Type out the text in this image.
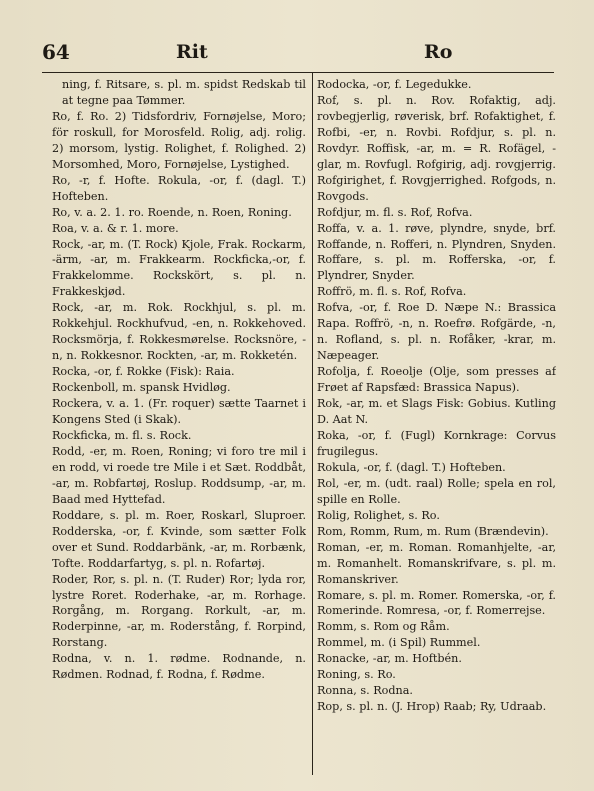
64	Rit	Ro

ning, f. Ritsare, s. pl. m. spidst Redskab til at tegne paa Tømmer.

Ro, f. Ro. 2) Tidsfordriv, Fornøjelse, Moro; för roskull, for Morosfeld. Rolig, adj. rolig. 2) morsom, lystig. Rolighet, f. Rolighed. 2) Morsomhed, Moro, Fornøjelse, Lystighed.

Ro, -r, f. Hofte. Rokula, -or, f. (dagl. T.) Hofteben.

Ro, v. a. 2. 1. ro. Roende, n. Roen, Roning.

Roa, v. a. & r. 1. more.

Rock, -ar, m. (T. Rock) Kjole, Frak. Rockarm, -ärm, -ar, m. Frakkearm. Rockficka,-or, f. Frakkelomme. Rockskört, s. pl. n. Frakkeskjød.

Rock, -ar, m. Rok. Rockhjul, s. pl. m. Rokkehjul. Rockhufvud, -en, n. Rokkehoved. Rocksmörja, f. Rokkesmørelse. Rocksnöre, -n, n. Rokkesnor. Rockten, -ar, m. Rokketén.

Rocka, -or, f. Rokke (Fisk): Raia.

Rockenboll, m. spansk Hvidløg.

Rockera, v. a. 1. (Fr. roquer) sætte Taarnet i Kongens Sted (i Skak).

Rockficka, m. fl. s. Rock.

Rodd, -er, m. Roen, Roning; vi foro tre mil i en rodd, vi roede tre Mile i et Sæt. Roddbåt, -ar, m. Robfartøj, Roslup. Roddsump, -ar, m. Baad med Hyttefad.

Roddare, s. pl. m. Roer, Roskarl, Sluproer. Rodderska, -or, f. Kvinde, som sætter Folk over et Sund. Roddarbänk, -ar, m. Rorbænk, Tofte. Roddarfartyg, s. pl. n. Rofartøj.

Roder, Ror, s. pl. n. (T. Ruder) Ror; lyda ror, lystre Roret. Roderhake, -ar, m. Rorhage. Rorgång, m. Rorgang. Rorkult, -ar, m. Roderpinne, -ar, m. Roderstång, f. Rorpind, Rorstang.

Rodna, v. n. 1. rødme. Rodnande, n. Rødmen. Rodnad, f. Rodna, f. Rødme.

Rodocka, -or, f. Legedukke.

Rof, s. pl. n. Rov. Rofaktig, adj. rovbegjerlig, røverisk, brf. Rofaktighet, f. Rofbi, -er, n. Rovbi. Rofdjur, s. pl. n. Rovdyr. Roffisk, -ar, m. = R. Rofägel, -glar, m. Rovfugl. Rofgirig, adj. rovgjerrig. Rofgirighet, f. Rovgjerrighed. Rofgods, n. Rovgods.

Rofdjur, m. fl. s. Rof, Rofva.

Roffa, v. a. 1. røve, plyndre, snyde, brf. Roffande, n. Rofferi, n. Plyndren, Snyden. Roffare, s. pl. m. Rofferska, -or, f. Plyndrer, Snyder.

Roffrö, m. fl. s. Rof, Rofva.

Rofva, -or, f. Roe D. Næpe N.: Brassica Rapa. Roffrö, -n, n. Roefrø. Rofgärde, -n, n. Rofland, s. pl. n. Rofåker, -krar, m. Næpeager.

Rofolja, f. Roeolje (Olje, som presses af Frøet af Rapsfæd: Brassica Napus).

Rok, -ar, m. et Slags Fisk: Gobius. Kutling D. Aat N.

Roka, -or, f. (Fugl) Kornkrage: Corvus frugilegus.

Rokula, -or, f. (dagl. T.) Hofteben.

Rol, -er, m. (udt. raal) Rolle; spela en rol, spille en Rolle.

Rolig, Rolighet, s. Ro.

Rom, Romm, Rum, m. Rum (Brændevin).

Roman, -er, m. Roman. Romanhjelte, -ar, m. Romanhelt. Romanskrifvare, s. pl. m. Romanskriver.

Romare, s. pl. m. Romer. Romerska, -or, f. Romerinde. Romresa, -or, f. Romerrejse.

Romm, s. Rom og Råm.

Rommel, m. (i Spil) Rummel.

Ronacke, -ar, m. Hoftbén.

Roning, s. Ro.

Ronna, s. Rodna.

Rop, s. pl. n. (J. Hrop) Raab; Ry, Udraab.
